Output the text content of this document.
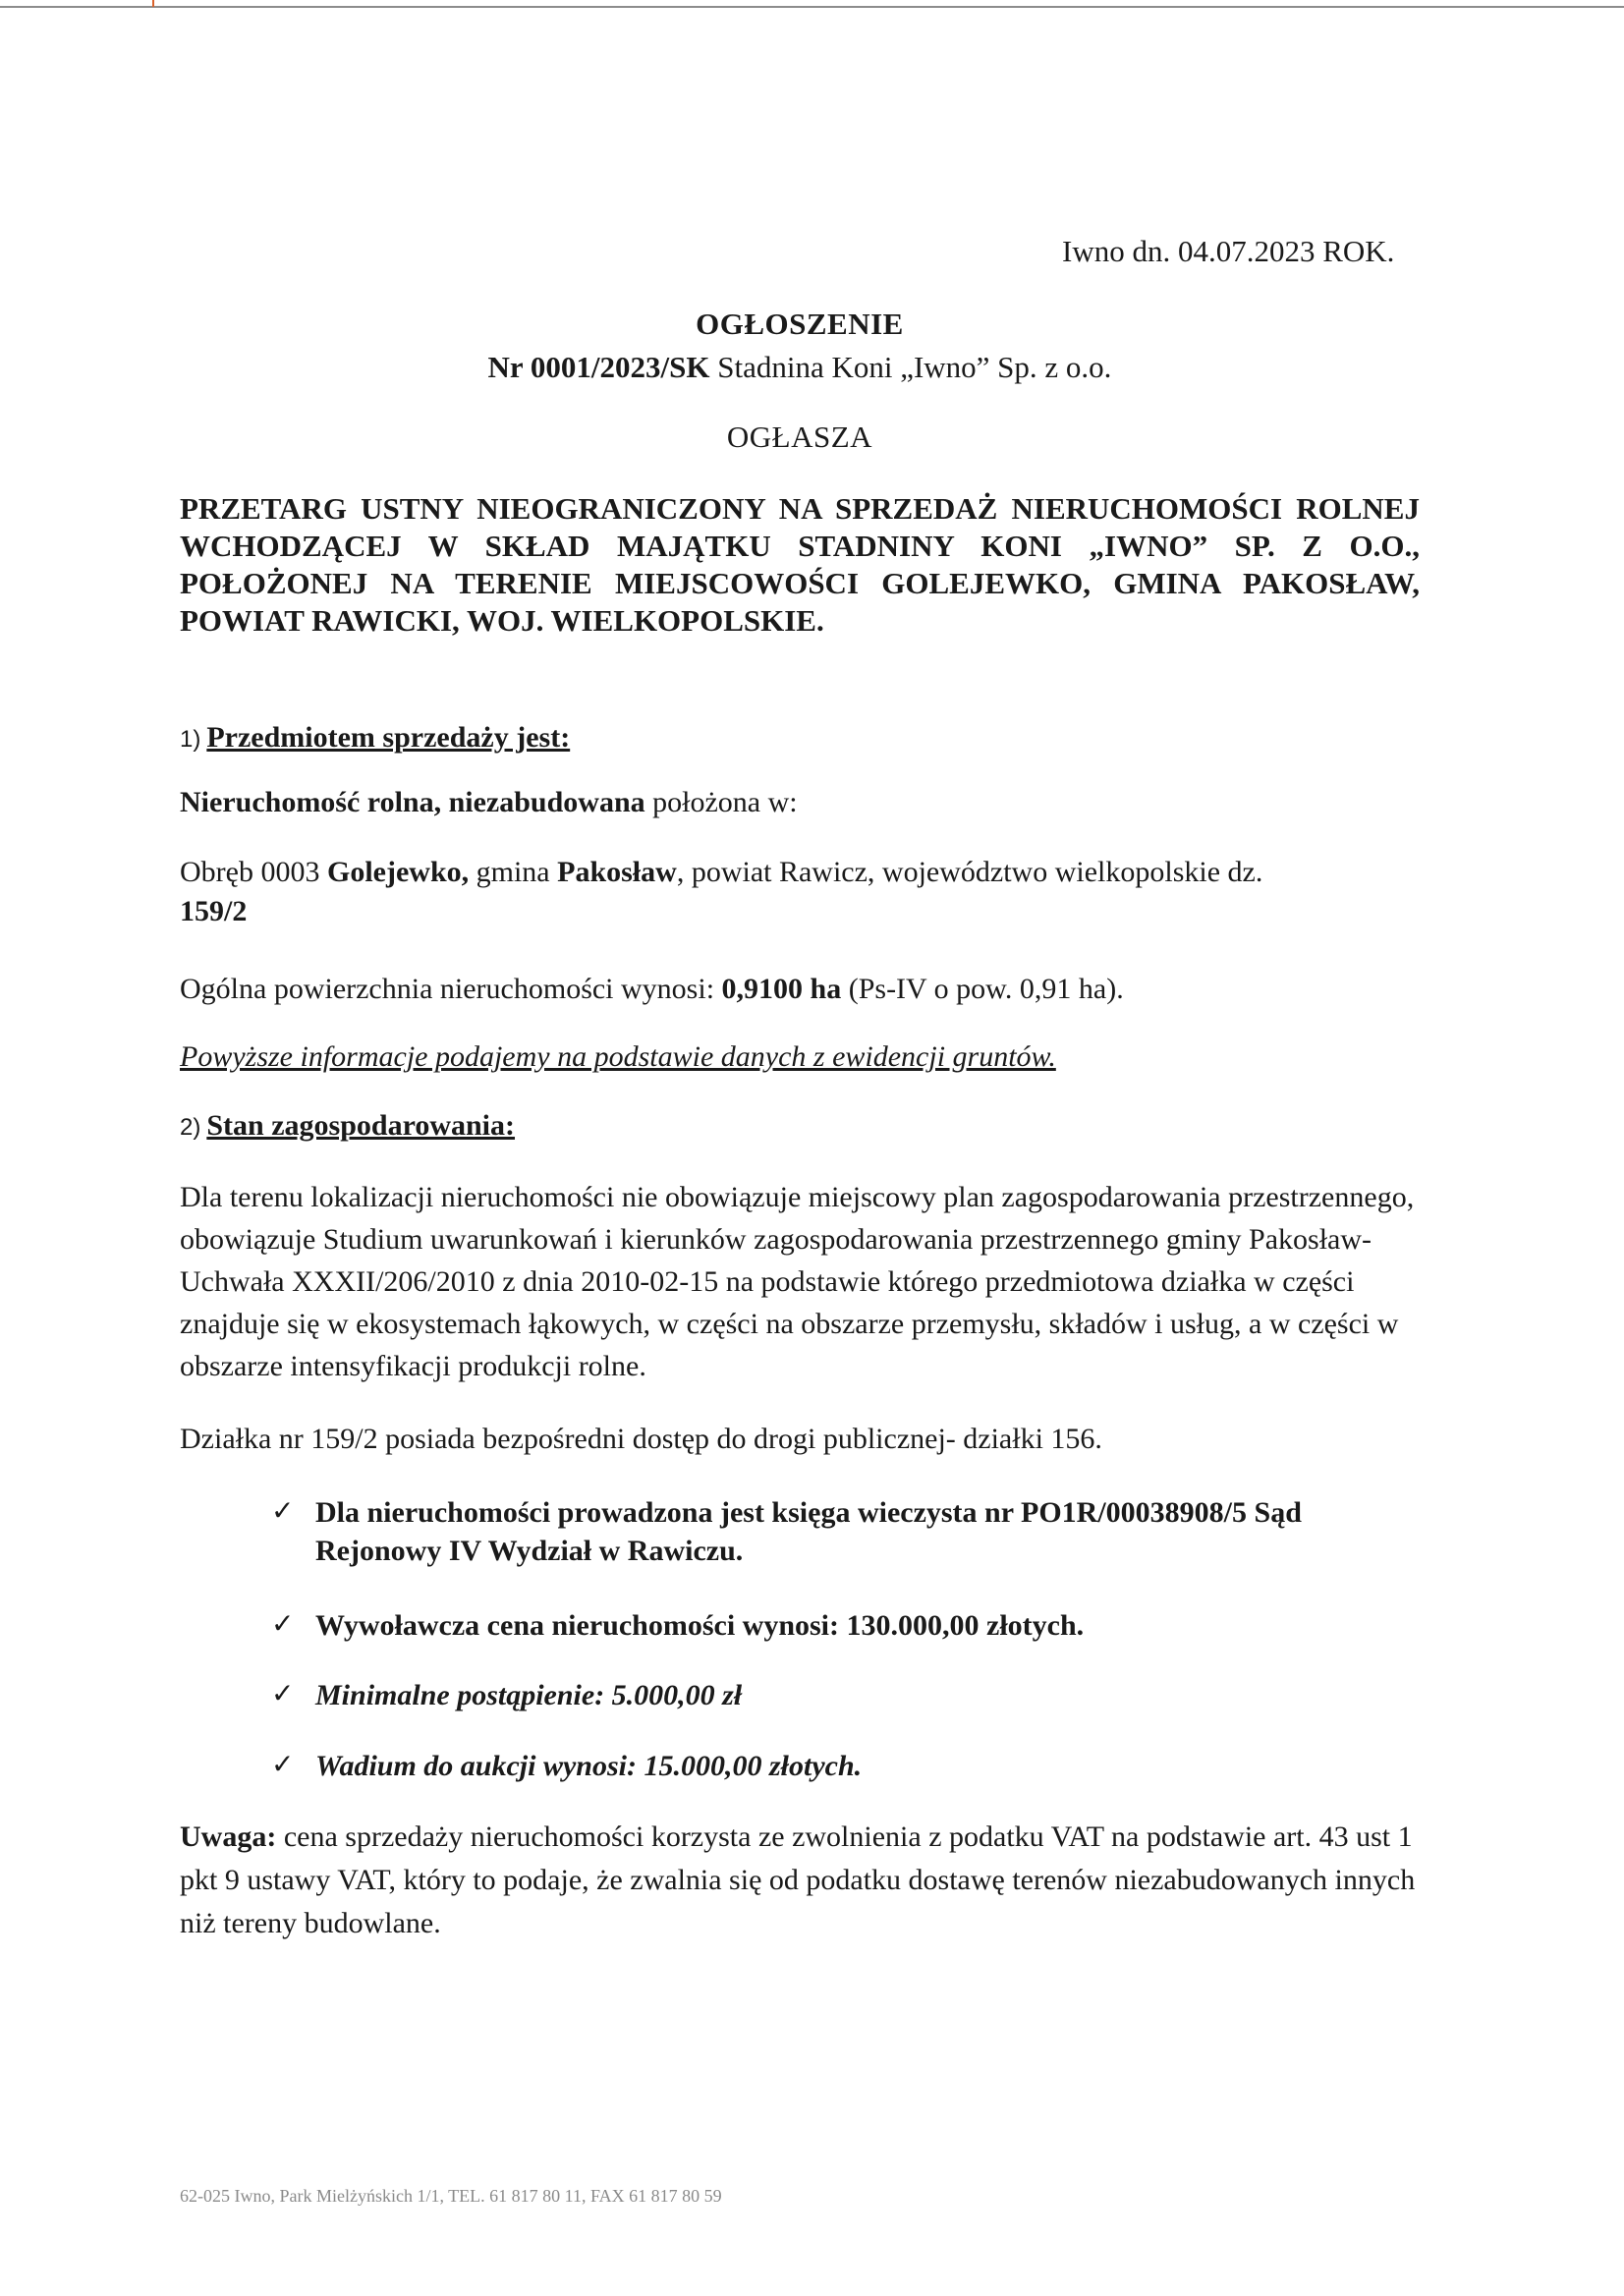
Iwno dn. 04.07.2023 ROK.
OGŁOSZENIE
Nr 0001/2023/SK Stadnina Koni „Iwno” Sp. z o.o.
OGŁASZA
PRZETARG USTNY NIEOGRANICZONY NA SPRZEDAŻ NIERUCHOMOŚCI ROLNEJ WCHODZĄCEJ W SKŁAD MAJĄTKU STADNINY KONI „IWNO” SP. Z O.O., POŁOŻONEJ NA TERENIE MIEJSCOWOŚCI GOLEJEWKO, GMINA PAKOSŁAW, POWIAT RAWICKI, WOJ. WIELKOPOLSKIE.
1) Przedmiotem sprzedaży jest:
Nieruchomość rolna, niezabudowana położona w:
Obręb 0003 Golejewko, gmina Pakosław, powiat Rawicz, województwo wielkopolskie dz.
159/2
Ogólna powierzchnia nieruchomości wynosi: 0,9100 ha (Ps-IV o pow. 0,91 ha).
Powyższe informacje podajemy na podstawie danych z ewidencji gruntów.
2) Stan zagospodarowania:
Dla terenu lokalizacji nieruchomości nie obowiązuje miejscowy plan zagospodarowania przestrzennego, obowiązuje Studium uwarunkowań i kierunków zagospodarowania przestrzennego gminy Pakosław- Uchwała XXXII/206/2010 z dnia 2010-02-15 na podstawie którego przedmiotowa działka w części znajduje się w ekosystemach łąkowych, w części na obszarze przemysłu, składów i usług, a w części w obszarze intensyfikacji produkcji rolne.
Działka nr 159/2 posiada bezpośredni dostęp do drogi publicznej- działki 156.
✓ Dla nieruchomości prowadzona jest księga wieczysta nr PO1R/00038908/5 Sąd Rejonowy IV Wydział w Rawiczu.
✓ Wywoławcza cena nieruchomości wynosi: 130.000,00 złotych.
✓ Minimalne postąpienie: 5.000,00 zł
✓ Wadium do aukcji wynosi: 15.000,00 złotych.
Uwaga: cena sprzedaży nieruchomości korzysta ze zwolnienia z podatku VAT na podstawie art. 43 ust 1 pkt 9 ustawy VAT, który to podaje, że zwalnia się od podatku dostawę terenów niezabudowanych innych niż tereny budowlane.
62-025 Iwno, Park Mielżyńskich 1/1, TEL. 61 817 80 11, FAX 61 817 80 59
